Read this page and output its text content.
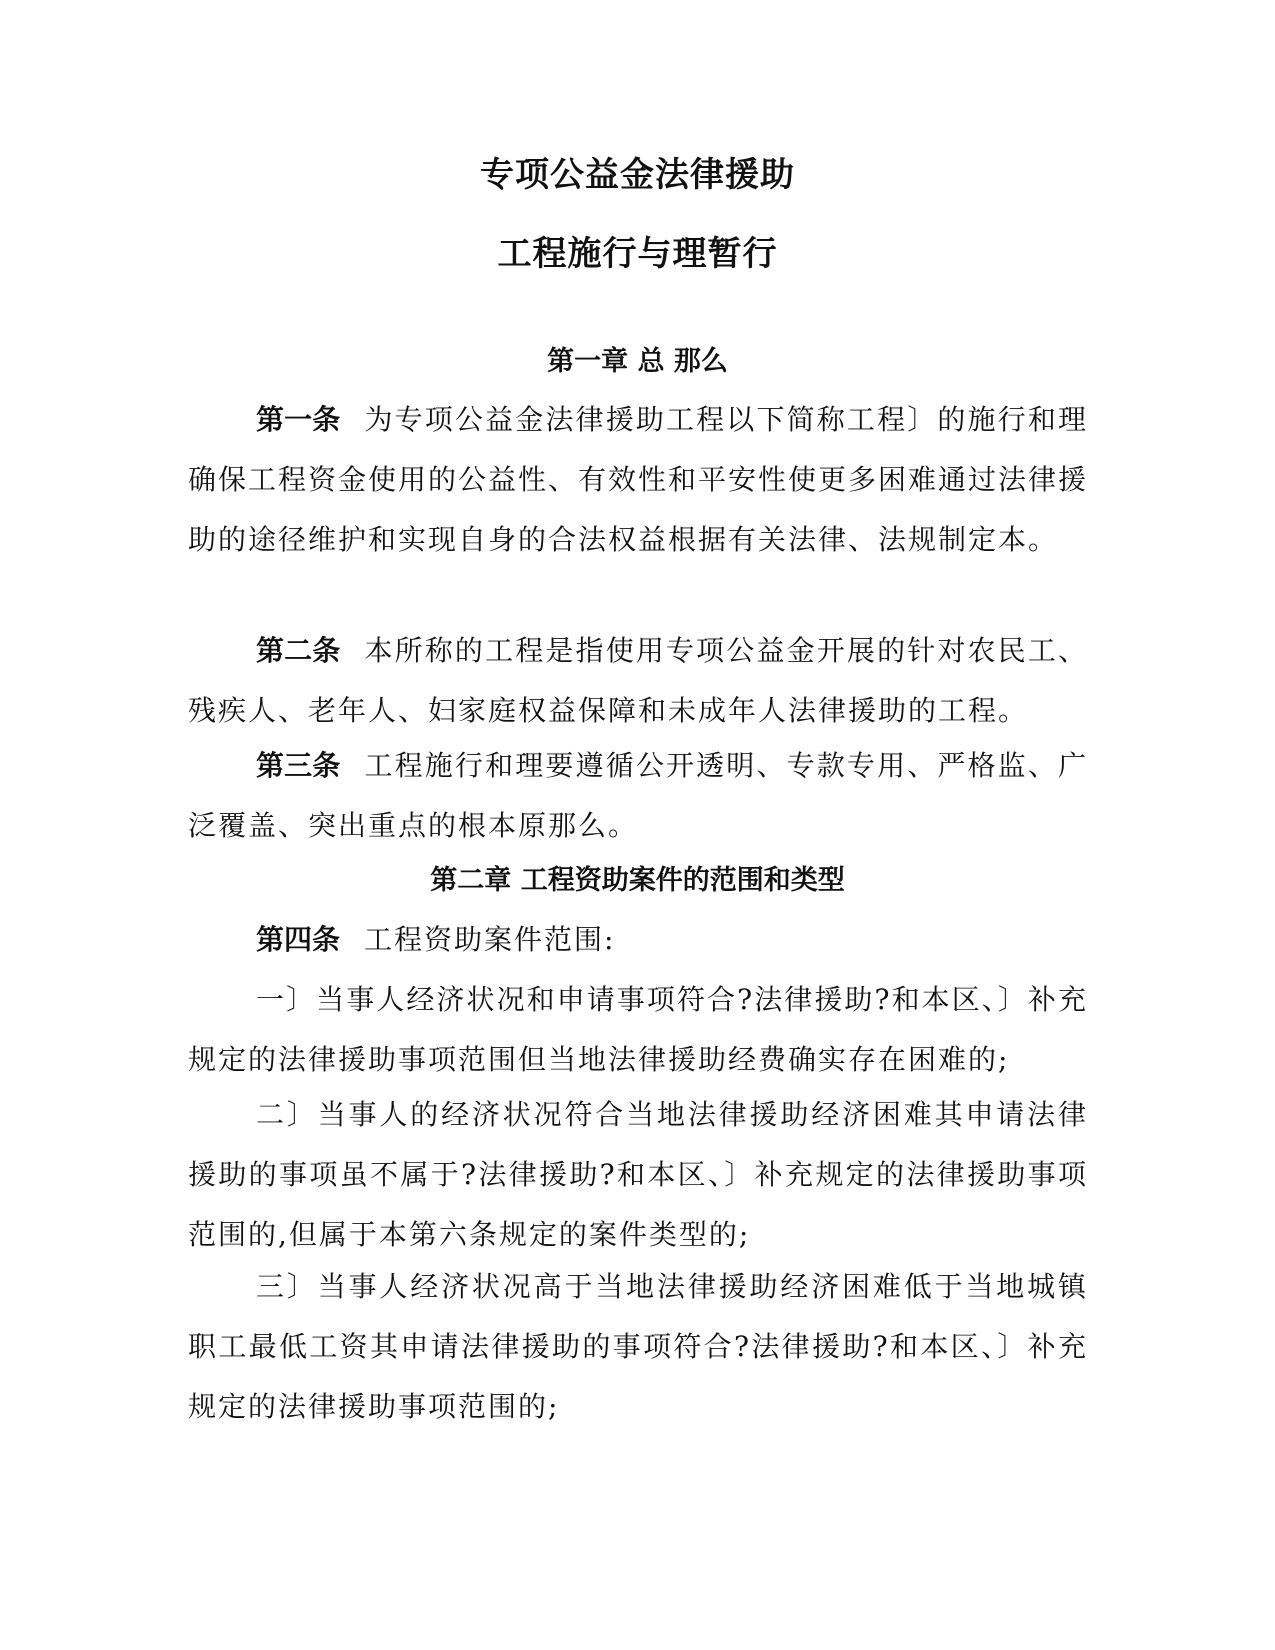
专项公益金法律援助
工程施行与理暂行
第一章 总 那么

第一条 为专项公益金法律援助工程以下简称工程〕的施行和理确保工程资金使用的公益性、有效性和平安性使更多困难通过法律援助的途径维护和实现自身的合法权益根据有关法律、法规制定本。

第二条 本所称的工程是指使用专项公益金开展的针对农民工、残疾人、老年人、妇家庭权益保障和未成年人法律援助的工程。

第三条 工程施行和理要遵循公开透明、专款专用、严格监、广泛覆盖、突出重点的根本原那么。

第二章 工程资助案件的范围和类型

第四条 工程资助案件范围:

一〕当事人经济状况和申请事项符合?法律援助?和本区、〕补充规定的法律援助事项范围但当地法律援助经费确实存在困难的;

二〕当事人的经济状况符合当地法律援助经济困难其申请法律援助的事项虽不属于?法律援助?和本区、〕补充规定的法律援助事项范围的,但属于本第六条规定的案件类型的;

三〕当事人经济状况高于当地法律援助经济困难低于当地城镇职工最低工资其申请法律援助的事项符合?法律援助?和本区、〕补充规定的法律援助事项范围的;
